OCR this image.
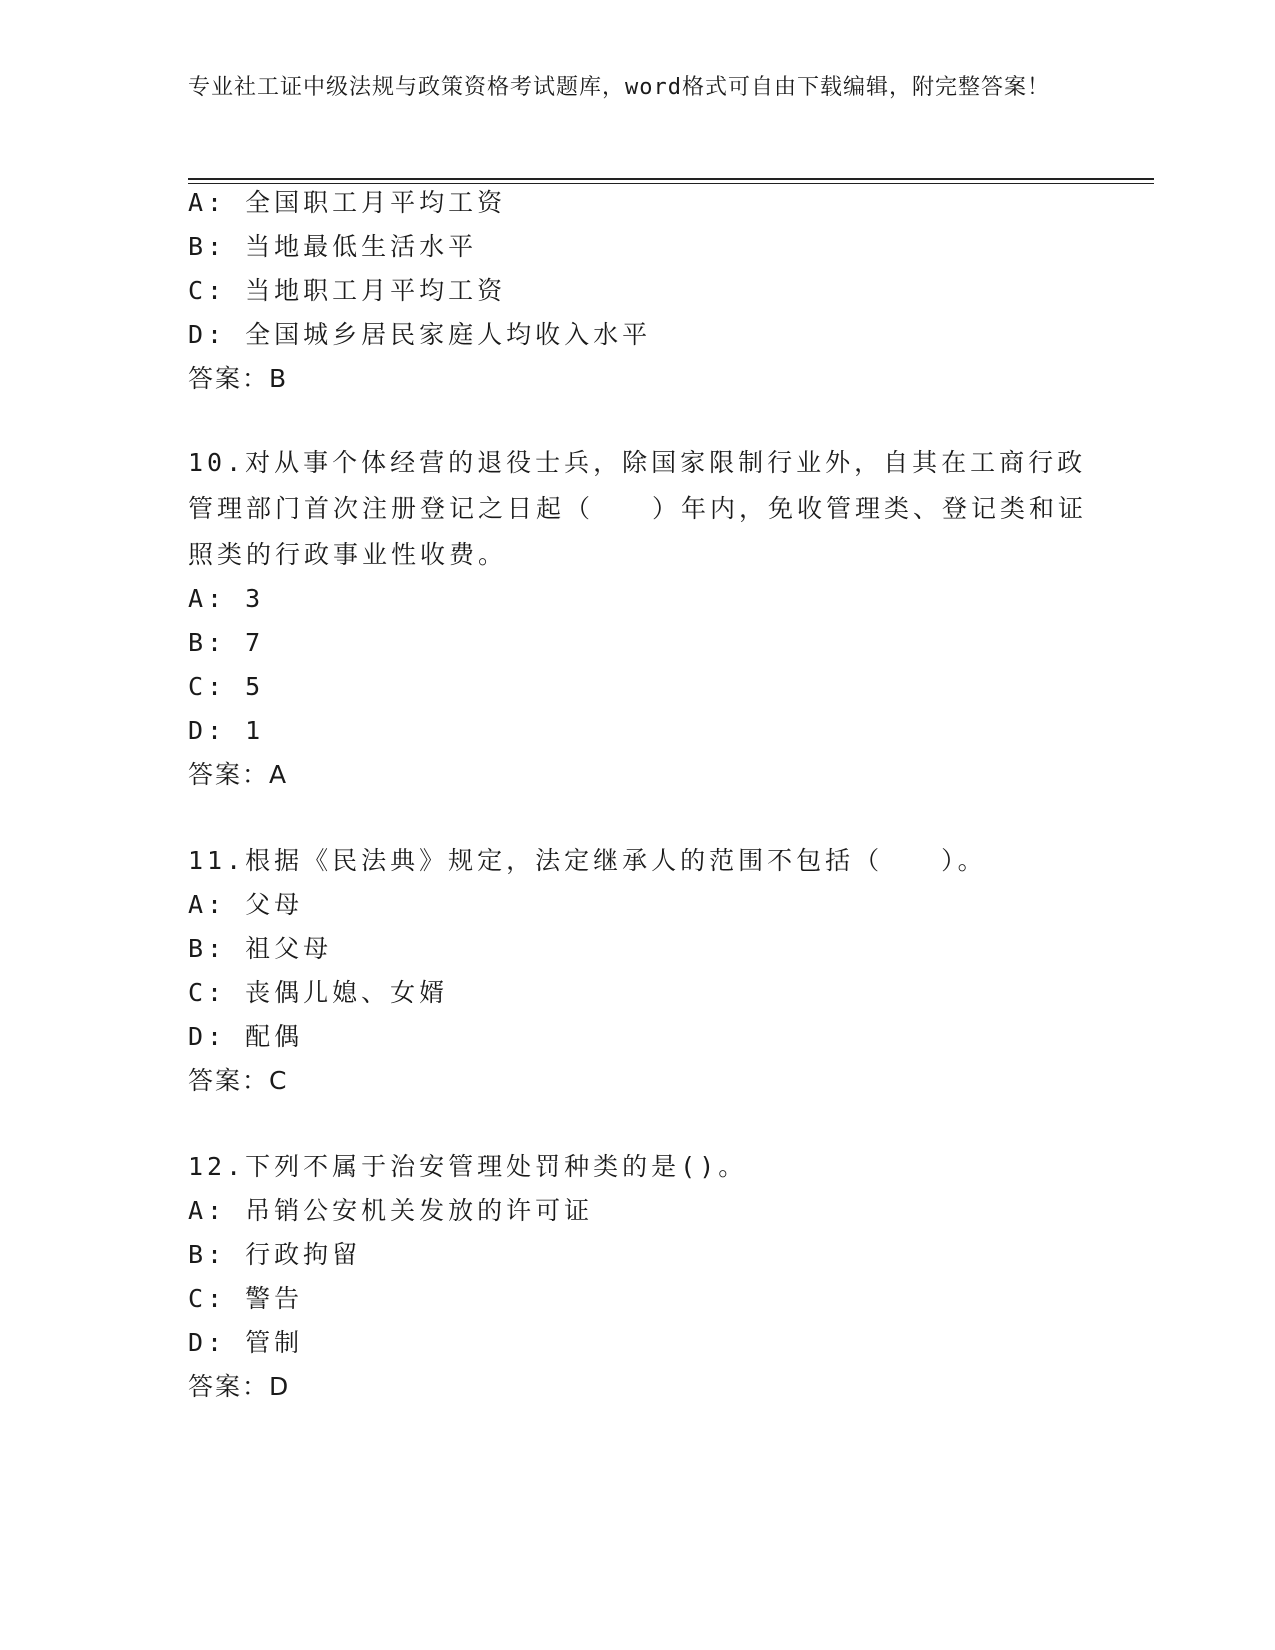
专业社工证中级法规与政策资格考试题库，word格式可自由下载编辑，附完整答案！
A: 全国职工月平均工资
B: 当地最低生活水平
C: 当地职工月平均工资
D: 全国城乡居民家庭人均收入水平
答案：B
10.对从事个体经营的退役士兵，除国家限制行业外，自其在工商行政管理部门首次注册登记之日起（　　）年内，免收管理类、登记类和证照类的行政事业性收费。
A: 3
B: 7
C: 5
D: 1
答案：A
11.根据《民法典》规定，法定继承人的范围不包括（　　）。
A: 父母
B: 祖父母
C: 丧偶儿媳、女婿
D: 配偶
答案：C
12.下列不属于治安管理处罚种类的是()。
A: 吊销公安机关发放的许可证
B: 行政拘留
C: 警告
D: 管制
答案：D
